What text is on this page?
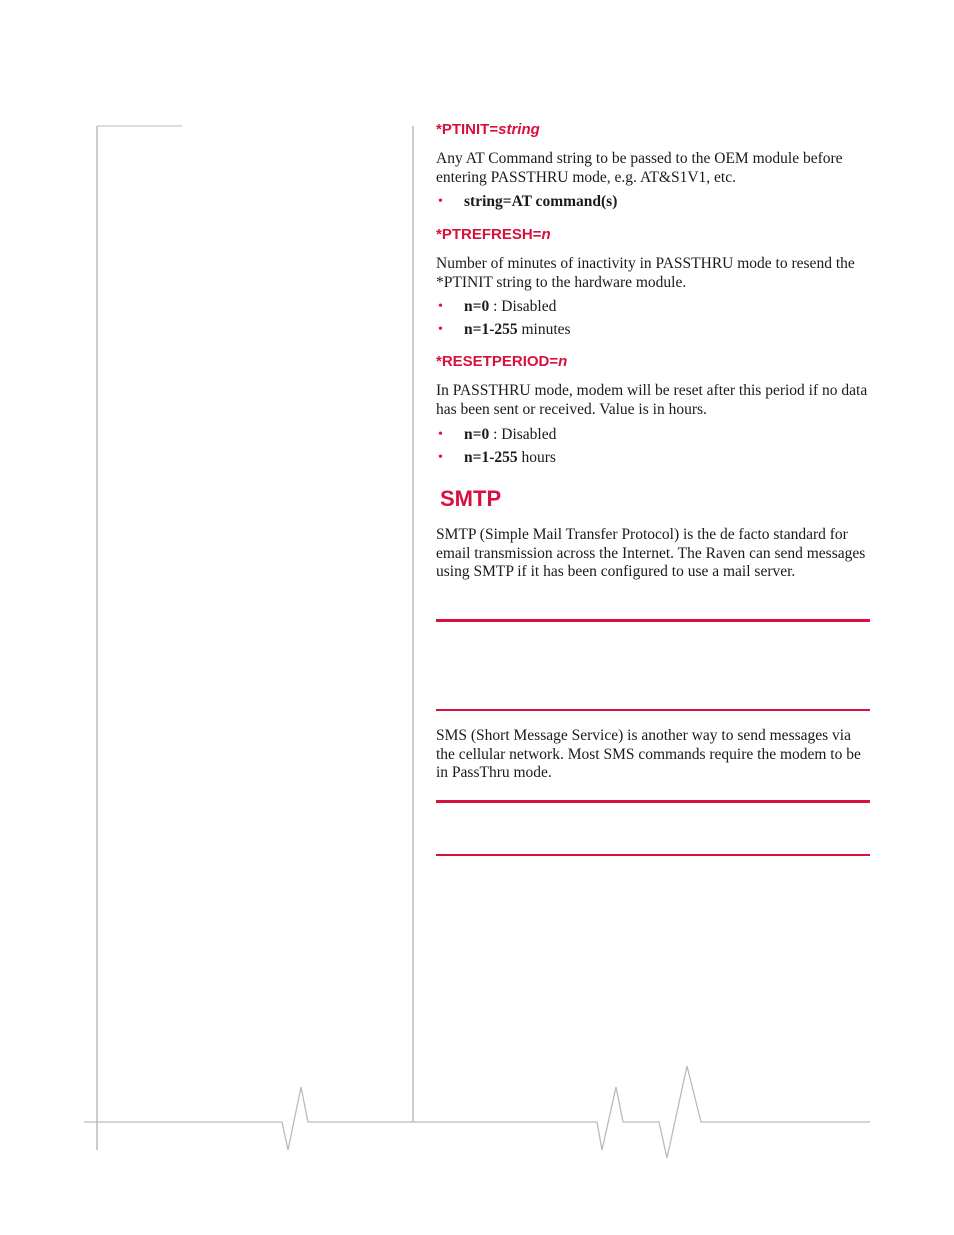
*PTINIT=string

Any AT Command string to be passed to the OEM module before entering PASSTHRU mode, e.g. AT&S1V1, etc.

• string=AT command(s)
*PTREFRESH=n

Number of minutes of inactivity in PASSTHRU mode to resend the *PTINIT string to the hardware module.

• n=0 : Disabled
• n=1-255 minutes
*RESETPERIOD=n

In PASSTHRU mode, modem will be reset after this period if no data has been sent or received. Value is in hours.

• n=0 : Disabled
• n=1-255 hours
SMTP

SMTP (Simple Mail Transfer Protocol) is the de facto standard for email transmission across the Internet. The Raven can send messages using SMTP if it has been configured to use a mail server.

SMS (Short Message Service) is another way to send messages via the cellular network. Most SMS commands require the modem to be in PassThru mode.
